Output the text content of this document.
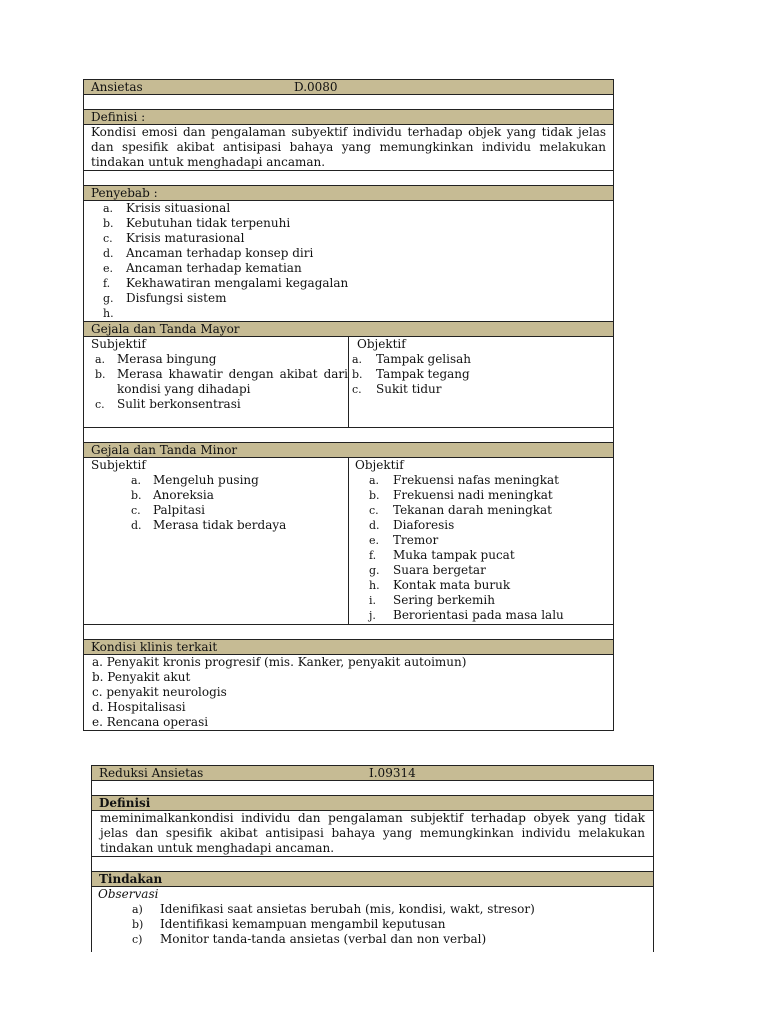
Ansietas	D.0080
Definisi :
Kondisi emosi dan pengalaman subyektif individu terhadap objek yang tidak jelas dan spesifik akibat antisipasi bahaya yang memungkinkan individu melakukan tindakan untuk menghadapi ancaman.
Penyebab :
a.	Krisis situasional
b.	Kebutuhan tidak terpenuhi
c.	Krisis maturasional
d.	Ancaman terhadap konsep diri
e.	Ancaman terhadap kematian
f.	Kekhawatiran mengalami kegagalan
g.	Disfungsi sistem
h.
Gejala dan Tanda Mayor
Subjektif
a. Merasa bingung
b. Merasa khawatir dengan akibat dari kondisi yang dihadapi
c.	Sulit berkonsentrasi
Objektif
a.	Tampak gelisah
b.	Tampak tegang
c.	Sukit tidur
Gejala dan Tanda Minor
Subjektif
a. Mengeluh pusing
b. Anoreksia
c.	Palpitasi
d. Merasa tidak berdaya
Objektif
a.	Frekuensi nafas meningkat
b.	Frekuensi nadi meningkat
c.	Tekanan darah meningkat
d.	Diaforesis
e.	Tremor
f.	Muka tampak pucat
g.	Suara bergetar
h.	Kontak mata buruk
i.	Sering berkemih
j.	Berorientasi pada masa lalu
Kondisi klinis terkait
a. Penyakit kronis progresif (mis. Kanker, penyakit autoimun)
b. Penyakit akut
c. penyakit neurologis
d. Hospitalisasi
e. Rencana operasi
Reduksi Ansietas	I.09314
Definisi
meminimalkankondisi individu dan pengalaman subjektif terhadap obyek yang tidak jelas dan spesifik akibat antisipasi bahaya yang memungkinkan individu melakukan tindakan untuk menghadapi ancaman.
Tindakan
Observasi
a)	Idenifikasi saat ansietas berubah (mis, kondisi, wakt, stresor)
b)	Identifikasi kemampuan mengambil keputusan
c)	Monitor tanda-tanda ansietas (verbal dan non verbal)
